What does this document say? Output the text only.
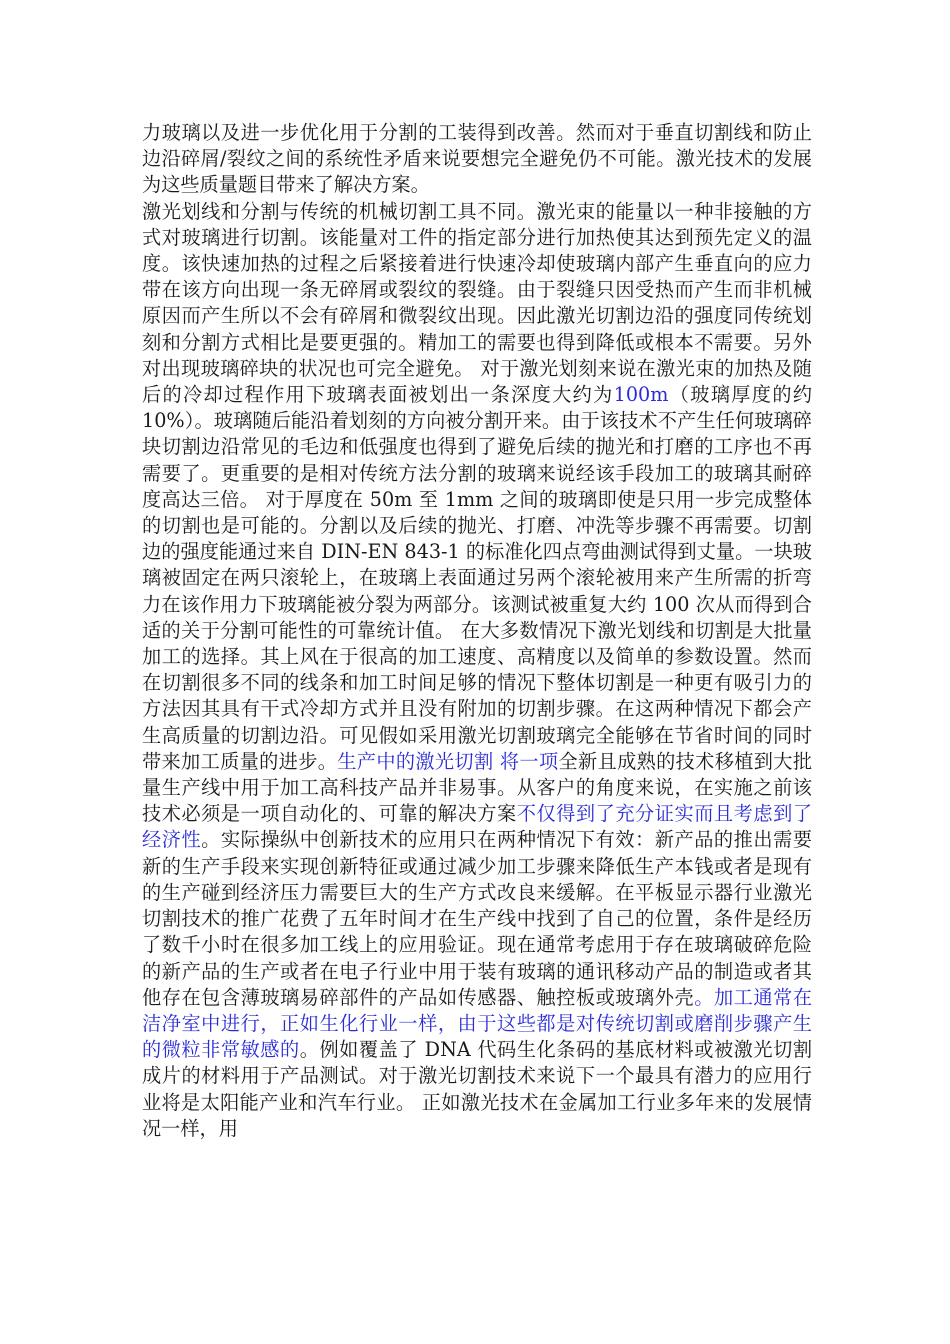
力玻璃以及进一步优化用于分割的工装得到改善。然而对于垂直切割线和防止边沿碎屑/裂纹之间的系统性矛盾来说要想完全避免仍不可能。激光技术的发展为这些质量题目带来了解决方案。

激光划线和分割与传统的机械切割工具不同。激光束的能量以一种非接触的方式对玻璃进行切割。该能量对工件的指定部分进行加热使其达到预先定义的温度。该快速加热的过程之后紧接着进行快速冷却使玻璃内部产生垂直向的应力带在该方向出现一条无碎屑或裂纹的裂缝。由于裂缝只因受热而产生而非机械原因而产生所以不会有碎屑和微裂纹出现。因此激光切割边沿的强度同传统划刻和分割方式相比是要更强的。精加工的需要也得到降低或根本不需要。另外对出现玻璃碎块的状况也可完全避免。 对于激光划刻来说在激光束的加热及随后的冷却过程作用下玻璃表面被划出一条深度大约为100m（玻璃厚度的约 10%）。玻璃随后能沿着划刻的方向被分割开来。由于该技术不产生任何玻璃碎块切割边沿常见的毛边和低强度也得到了避免后续的抛光和打磨的工序也不再需要了。更重要的是相对传统方法分割的玻璃来说经该手段加工的玻璃其耐碎度高达三倍。 对于厚度在 50m 至 1mm 之间的玻璃即使是只用一步完成整体的切割也是可能的。分割以及后续的抛光、打磨、冲洗等步骤不再需要。切割边的强度能通过来自 DIN-EN 843-1 的标准化四点弯曲测试得到丈量。一块玻璃被固定在两只滚轮上，在玻璃上表面通过另两个滚轮被用来产生所需的折弯力在该作用力下玻璃能被分裂为两部分。该测试被重复大约 100 次从而得到合适的关于分割可能性的可靠统计值。 在大多数情况下激光划线和切割是大批量加工的选择。其上风在于很高的加工速度、高精度以及简单的参数设置。然而在切割很多不同的线条和加工时间足够的情况下整体切割是一种更有吸引力的方法因其具有干式冷却方式并且没有附加的切割步骤。在这两种情况下都会产生高质量的切割边沿。可见假如采用激光切割玻璃完全能够在节省时间的同时带来加工质量的进步。生产中的激光切割 将一项全新且成熟的技术移植到大批量生产线中用于加工高科技产品并非易事。从客户的角度来说，在实施之前该技术必须是一项自动化的、可靠的解决方案不仅得到了充分证实而且考虑到了经济性。实际操纵中创新技术的应用只在两种情况下有效：新产品的推出需要新的生产手段来实现创新特征或通过减少加工步骤来降低生产本钱或者是现有的生产碰到经济压力需要巨大的生产方式改良来缓解。在平板显示器行业激光切割技术的推广花费了五年时间才在生产线中找到了自己的位置，条件是经历了数千小时在很多加工线上的应用验证。现在通常考虑用于存在玻璃破碎危险的新产品的生产或者在电子行业中用于装有玻璃的通讯移动产品的制造或者其他存在包含薄玻璃易碎部件的产品如传感器、触控板或玻璃外壳。加工通常在洁净室中进行，正如生化行业一样，由于这些都是对传统切割或磨削步骤产生的微粒非常敏感的。例如覆盖了 DNA 代码生化条码的基底材料或被激光切割成片的材料用于产品测试。对于激光切割技术来说下一个最具有潜力的应用行业将是太阳能产业和汽车行业。 正如激光技术在金属加工行业多年来的发展情况一样，用
